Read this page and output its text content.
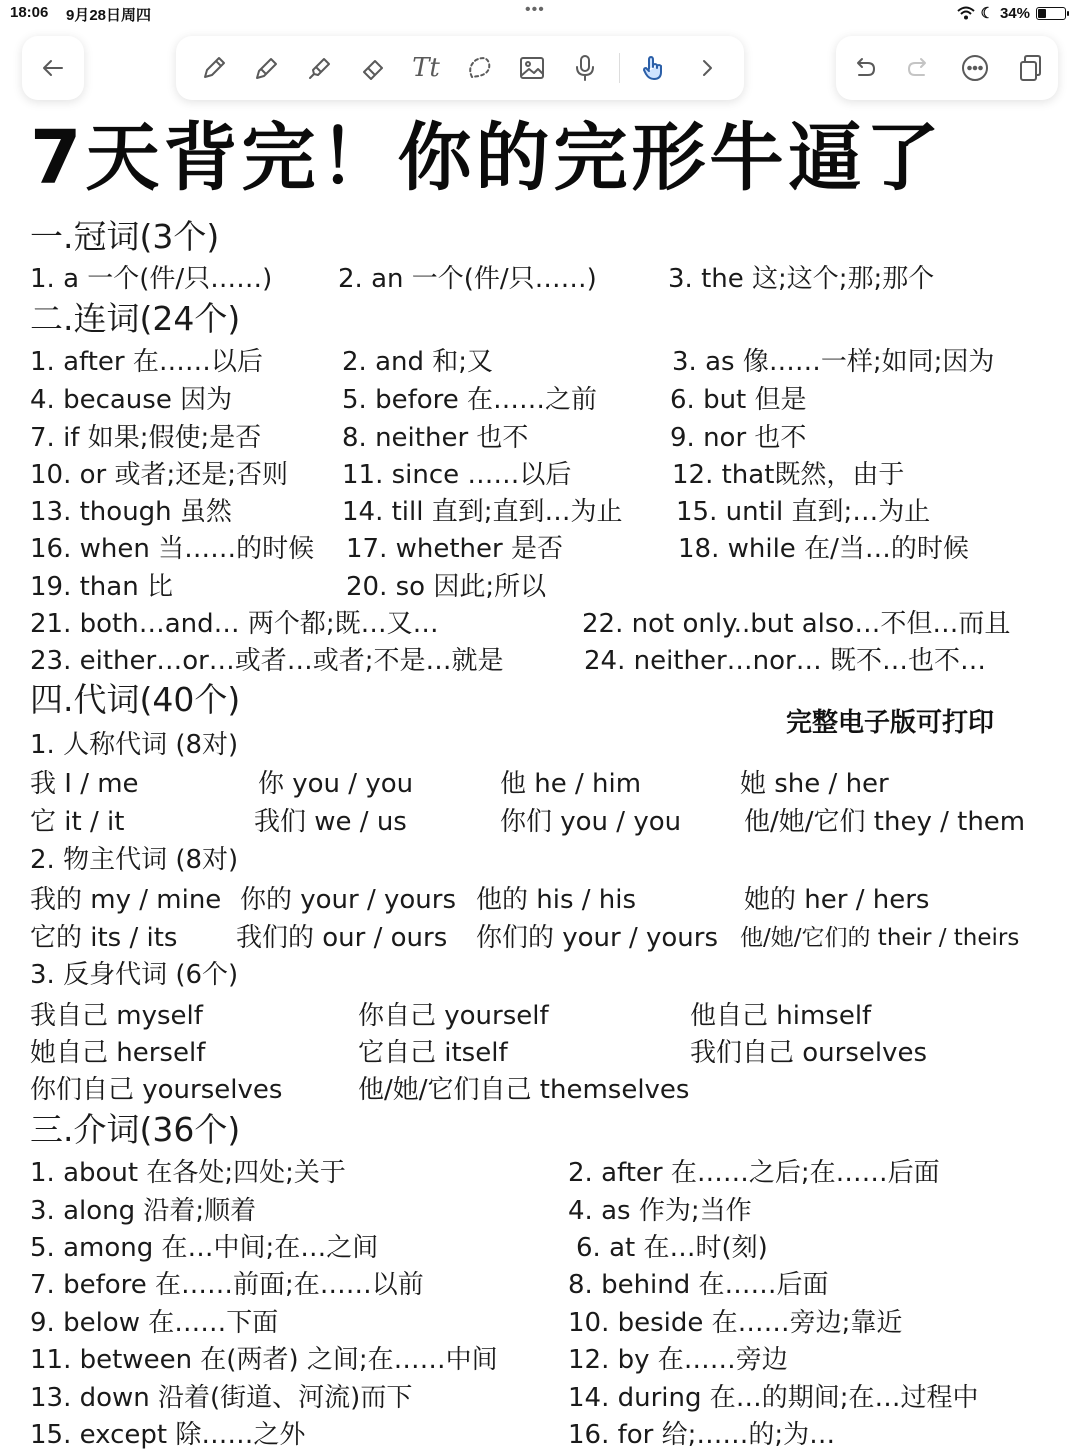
18:06 9月28日周四	•••	☾ 34%
Tt
7天背完！你的完形牛逼了
一.冠词(3个)
1. a 一个(件/只……)	2. an 一个(件/只……)	3. the 这;这个;那;那个
二.连词(24个)
1. after 在……以后	2. and 和;又	3. as 像……一样;如同;因为
4. because 因为	5. before 在……之前	6. but 但是
7. if 如果;假使;是否	8. neither 也不	9. nor 也不
10. or 或者;还是;否则 11. since ……以后	12. that既然，由于
13. though 虽然	14. till 直到;直到…为止 15. until 直到;…为止
16. when 当……的时候 17. whether 是否	18. while 在/当…的时候
19. than 比	20. so 因此;所以
21. both…and… 两个都;既…又…	22. not only..but also…不但…而且
23. either…or…或者…或者;不是…就是	24. neither…nor… 既不…也不…
四.代词(40个)
完整电子版可打印
1. 人称代词 (8对)
我 I / me	你 you / you	他 he / him	她 she / her
它 it / it	我们 we / us	你们 you / you 他/她/它们 they / them
2. 物主代词 (8对)
我的 my / mine 你的 your / yours 他的 his / his	她的 her / hers
它的 its / its 我们的 our / ours 你们的 your / yours 他/她/它们的 their / theirs
3. 反身代词 (6个)
我自己 myself	你自己 yourself	他自己 himself
她自己 herself	它自己 itself	我们自己 ourselves
你们自己 yourselves	他/她/它们自己 themselves
三.介词(36个)
1. about 在各处;四处;关于	2. after 在……之后;在……后面
3. along 沿着;顺着	4. as 作为;当作
5. among 在…中间;在…之间	6. at 在…时(刻)
7. before 在……前面;在……以前	8. behind 在……后面
9. below 在……下面	10. beside 在……旁边;靠近
11. between 在(两者) 之间;在……中间	12. by 在……旁边
13. down 沿着(街道、河流)而下	14. during 在…的期间;在…过程中
15. except 除……之外	16. for 给;……的;为…
